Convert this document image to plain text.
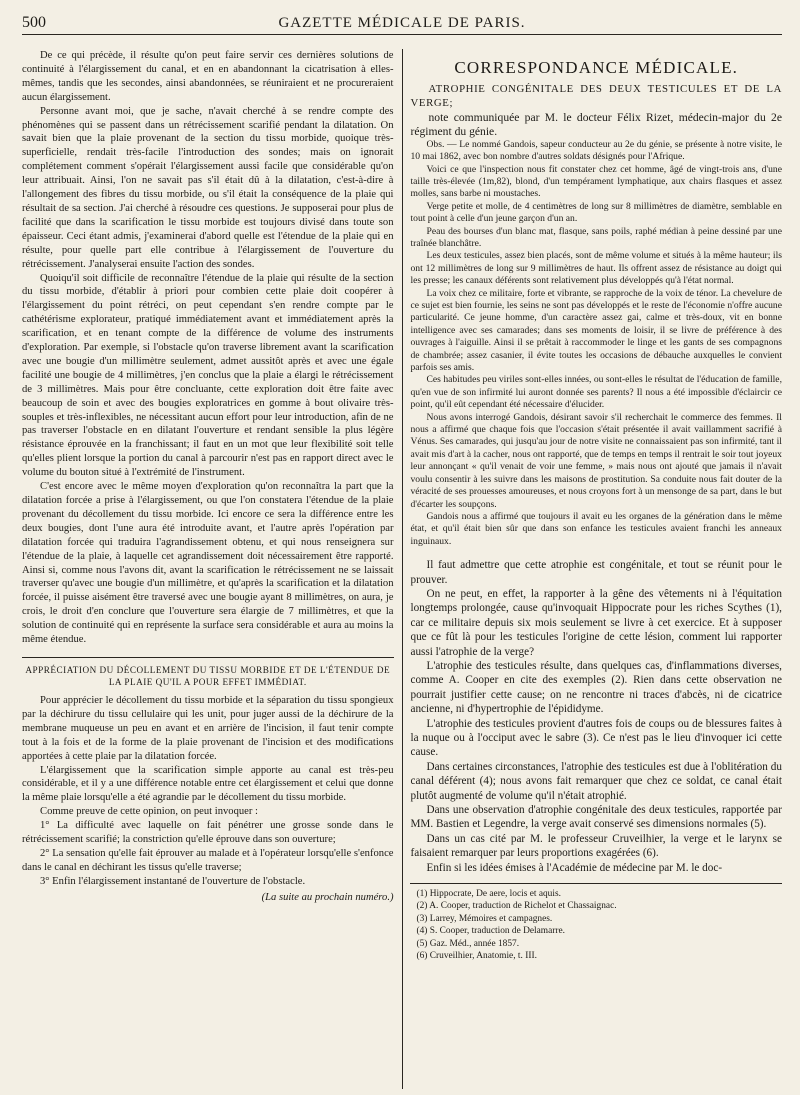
500	GAZETTE MÉDICALE DE PARIS.

De ce qui précède, il résulte qu'on peut faire servir ces dernières solutions de continuité à l'élargissement du canal, et en en abandonnant la cicatrisation à elles-mêmes, tandis que les secondes, ainsi abandonnées, se réuniraient et ne procureraient aucun élargissement.

Personne avant moi, que je sache, n'avait cherché à se rendre compte des phénomènes qui se passent dans un rétrécissement scarifié pendant la dilatation. On savait bien que la plaie provenant de la section du tissu morbide, quoique très-superficielle, rendait très-facile l'introduction des sondes; mais on ignorait complétement comment s'opérait l'élargissement aussi facile que considérable qu'on leur attribuait. Ainsi, l'on ne savait pas s'il était dû à la dilatation, c'est-à-dire à l'allongement des fibres du tissu morbide, ou s'il était la conséquence de la plaie qui résultait de sa section. J'ai cherché à résoudre ces questions. Je supposerai pour plus de facilité que dans la scarification le tissu morbide est toujours divisé dans toute son épaisseur. Ceci étant admis, j'examinerai d'abord quelle est l'étendue de la plaie qui en résulte, pour quelle part elle contribue à l'élargissement de l'ouverture du rétrécissement. J'analyserai ensuite l'action des sondes.

Quoiqu'il soit difficile de reconnaître l'étendue de la plaie qui résulte de la section du tissu morbide, d'établir à priori pour combien cette plaie doit coopérer à l'élargissement du point rétréci, on peut cependant s'en rendre compte par le cathétérisme explorateur, pratiqué immédiatement avant et immédiatement après la scarification, et en tenant compte de la différence de volume des instruments d'exploration. Par exemple, si l'obstacle qu'on traverse librement avant la scarification avec une bougie d'un millimètre seulement, admet aussitôt après et avec une égale facilité une bougie de 4 millimètres, j'en conclus que la plaie a élargi le rétrécissement de 3 millimètres. Mais pour être concluante, cette exploration doit être faite avec beaucoup de soin et avec des bougies exploratrices en gomme à bout olivaire très-souples et très-inflexibles, ne nécessitant aucun effort pour leur introduction, afin de ne pas traverser l'obstacle en en dilatant l'ouverture et rendant sensible la plus légère résistance éprouvée en la franchissant; il faut en un mot que leur flexibilité soit telle qu'elles plient lorsque la portion du canal à parcourir n'est pas en rapport direct avec le volume du bouton situé à l'extrémité de l'instrument.

C'est encore avec le même moyen d'exploration qu'on reconnaîtra la part que la dilatation forcée a prise à l'élargissement, ou que l'on constatera l'étendue de la plaie provenant du décollement du tissu morbide. Ici encore ce sera la différence entre les deux bougies, dont l'une aura été introduite avant, et l'autre après l'opération par dilatation forcée qui traduira l'agrandissement obtenu, et qui nous renseignera sur l'étendue de la plaie, à laquelle cet agrandissement doit nécessairement être rapporté. Ainsi si, comme nous l'avons dit, avant la scarification le rétrécissement ne se laissait traverser qu'avec une bougie d'un millimètre, et qu'après la scarification et la dilatation forcée, il puisse aisément être traversé avec une bougie ayant 8 millimètres, on aura, je crois, le droit d'en conclure que l'ouverture sera élargie de 7 millimètres, et que la solution de continuité qui en représente la surface sera considérable et aura au moins la même étendue.

APPRÉCIATION DU DÉCOLLEMENT DU TISSU MORBIDE ET DE L'ÉTENDUE DE LA PLAIE QU'IL A POUR EFFET IMMÉDIAT.

Pour apprécier le décollement du tissu morbide et la séparation du tissu spongieux par la déchirure du tissu cellulaire qui les unit, pour juger aussi de la déchirure de la membrane muqueuse un peu en avant et en arrière de l'incision, il faut tenir compte tout à la fois et de la forme de la plaie provenant de l'incision et des modifications apportées à cette plaie par la dilatation forcée.

L'élargissement que la scarification simple apporte au canal est très-peu considérable, et il y a une différence notable entre cet élargissement et celui que donne la même plaie lorsqu'elle a été agrandie par le décollement du tissu morbide.

Comme preuve de cette opinion, on peut invoquer :

1° La difficulté avec laquelle on fait pénétrer une grosse sonde dans le rétrécissement scarifié; la constriction qu'elle éprouve dans son ouverture;

2° La sensation qu'elle fait éprouver au malade et à l'opérateur lorsqu'elle s'enfonce dans le canal en déchirant les tissus qu'elle traverse;

3° Enfin l'élargissement instantané de l'ouverture de l'obstacle.

(La suite au prochain numéro.)
CORRESPONDANCE MÉDICALE.

ATROPHIE CONGÉNITALE DES DEUX TESTICULES ET DE LA VERGE;

note communiquée par M. le docteur Félix Rizet, médecin-major du 2e régiment du génie.

Obs. — Le nommé Gandois, sapeur conducteur au 2e du génie, se présente à notre visite, le 10 mai 1862, avec bon nombre d'autres soldats désignés pour l'Afrique.

Voici ce que l'inspection nous fit constater chez cet homme, âgé de vingt-trois ans, d'une taille très-élevée (1m,82), blond, d'un tempérament lymphatique, aux chairs flasques et assez molles, sans barbe ni moustaches.

Verge petite et molle, de 4 centimètres de long sur 8 millimètres de diamètre, semblable en tout point à celle d'un jeune garçon d'un an.

Peau des bourses d'un blanc mat, flasque, sans poils, raphé médian à peine dessiné par une traînée blanchâtre.

Les deux testicules, assez bien placés, sont de même volume et situés à la même hauteur; ils ont 12 millimètres de long sur 9 millimètres de haut. Ils offrent assez de résistance au doigt qui les presse; les canaux déférents sont relativement plus développés qu'à l'état normal.

La voix chez ce militaire, forte et vibrante, se rapproche de la voix de ténor. La chevelure de ce sujet est bien fournie, les seins ne sont pas développés et le reste de l'économie n'offre aucune particularité. Ce jeune homme, d'un caractère assez gai, calme et très-doux, vit en bonne intelligence avec ses camarades; dans ses moments de loisir, il se livre de préférence à des ouvrages à l'aiguille. Ainsi il se prêtait à raccommoder le linge et les gants de ses compagnons de chambrée; assez casanier, il évite toutes les occasions de débauche auxquelles le convient parfois ses amis.

Ces habitudes peu viriles sont-elles innées, ou sont-elles le résultat de l'éducation de famille, qu'en vue de son infirmité lui auront donnée ses parents? Il nous a été impossible d'éclaircir ce point, qu'il eût cependant été nécessaire d'élucider.

Nous avons interrogé Gandois, désirant savoir s'il recherchait le commerce des femmes. Il nous a affirmé que chaque fois que l'occasion s'était présentée il avait vaillamment sacrifié à Vénus. Ses camarades, qui jusqu'au jour de notre visite ne connaissaient pas son infirmité, tant il avait mis d'art à la cacher, nous ont rapporté, que de temps en temps il rentrait le soir tout joyeux leur annonçant « qu'il venait de voir une femme, » mais nous ont ajouté que jamais il n'avait voulu consentir à les suivre dans les maisons de prostitution. Sa conduite nous fait douter de la véracité de ses prouesses amoureuses, et nous croyons fort à un mensonge de sa part, dans le but d'écarter les soupçons.

Gandois nous a affirmé que toujours il avait eu les organes de la génération dans le même état, et qu'il était bien sûr que dans son enfance les testicules avaient franchi les anneaux inguinaux.

Il faut admettre que cette atrophie est congénitale, et tout se réunit pour le prouver.

On ne peut, en effet, la rapporter à la gêne des vêtements ni à l'équitation longtemps prolongée, cause qu'invoquait Hippocrate pour les riches Scythes (1), car ce militaire depuis six mois seulement se livre à cet exercice. Et à supposer que ce fût là pour les testicules l'origine de cette lésion, comment lui rapporter aussi l'atrophie de la verge?

L'atrophie des testicules résulte, dans quelques cas, d'inflammations diverses, comme A. Cooper en cite des exemples (2). Rien dans cette observation ne pourrait justifier cette cause; on ne rencontre ni traces d'abcès, ni de cicatrice ancienne, ni d'hypertrophie de l'épididyme.

L'atrophie des testicules provient d'autres fois de coups ou de blessures faites à la nuque ou à l'occiput avec le sabre (3). Ce n'est pas le lieu d'invoquer ici cette cause.

Dans certaines circonstances, l'atrophie des testicules est due à l'oblitération du canal déférent (4); nous avons fait remarquer que chez ce soldat, ce canal était plutôt augmenté de volume qu'il n'était atrophié.

Dans une observation d'atrophie congénitale des deux testicules, rapportée par MM. Bastien et Legendre, la verge avait conservé ses dimensions normales (5).

Dans un cas cité par M. le professeur Cruveilhier, la verge et le larynx se faisaient remarquer par leurs proportions exagérées (6).

Enfin si les idées émises à l'Académie de médecine par M. le doc-

(1) Hippocrate, De aere, locis et aquis.
(2) A. Cooper, traduction de Richelot et Chassaignac.
(3) Larrey, Mémoires et campagnes.
(4) S. Cooper, traduction de Delamarre.
(5) Gaz. Méd., année 1857.
(6) Cruveilhier, Anatomie, t. III.
